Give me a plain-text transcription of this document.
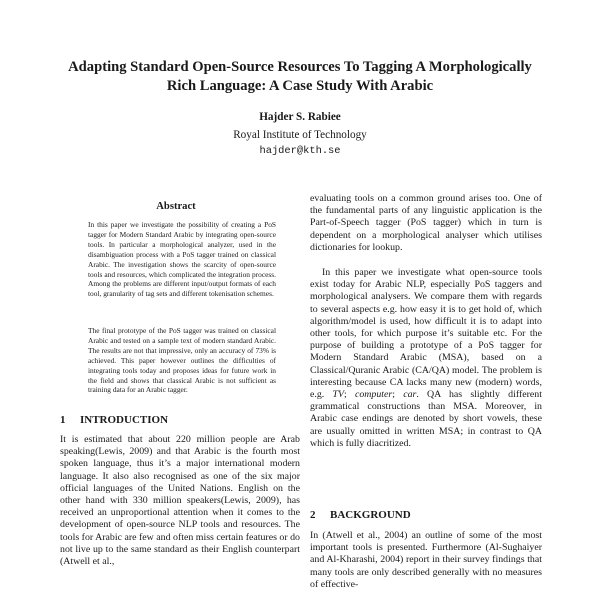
Adapting Standard Open-Source Resources To Tagging A Morphologically Rich Language: A Case Study With Arabic
Hajder S. Rabiee
Royal Institute of Technology
hajder@kth.se
Abstract

In this paper we investigate the possibility of creating a PoS tagger for Modern Standard Arabic by integrating open-source tools. In particular a morphological analyzer, used in the disambiguation process with a PoS tagger trained on classical Arabic. The investigation shows the scarcity of open-source tools and resources, which complicated the integration process. Among the problems are different input/output formats of each tool, granularity of tag sets and different tokenisation schemes.

The final prototype of the PoS tagger was trained on classical Arabic and tested on a sample text of modern standard Arabic. The results are not that impressive, only an accuracy of 73% is achieved. This paper however outlines the difficulties of integrating tools today and proposes ideas for future work in the field and shows that classical Arabic is not sufficient as training data for an Arabic tagger.

1 INTRODUCTION

It is estimated that about 220 million people are Arab speaking(Lewis, 2009) and that Arabic is the fourth most spoken language, thus it’s a major international modern language. It also also recognised as one of the six major official languages of the United Nations. English on the other hand with 330 million speakers(Lewis, 2009), has received an unproportional attention when it comes to the development of open-source NLP tools and resources. The tools for Arabic are few and often miss certain features or do not live up to the same standard as their English counterpart (Atwell et al.,

evaluating tools on a common ground arises too. One of the fundamental parts of any linguistic application is the Part-of-Speech tagger (PoS tagger) which in turn is dependent on a morphological analyser which utilises dictionaries for lookup.

In this paper we investigate what open-source tools exist today for Arabic NLP, especially PoS taggers and morphological analysers. We compare them with regards to several aspects e.g. how easy it is to get hold of, which algorithm/model is used, how difficult it is to adapt into other tools, for which purpose it’s suitable etc. For the purpose of building a prototype of a PoS tagger for Modern Standard Arabic (MSA), based on a Classical/Quranic Arabic (CA/QA) model. The problem is interesting because CA lacks many new (modern) words, e.g. TV; computer; car. QA has slightly different grammatical constructions than MSA. Moreover, in Arabic case endings are denoted by short vowels, these are usually omitted in written MSA; in contrast to QA which is fully diacritized.

2 BACKGROUND

In (Atwell et al., 2004) an outline of some of the most important tools is presented. Furthermore (Al-Sughaiyer and Al-Kharashi, 2004) report in their survey findings that many tools are only described generally with no measures of effective-
